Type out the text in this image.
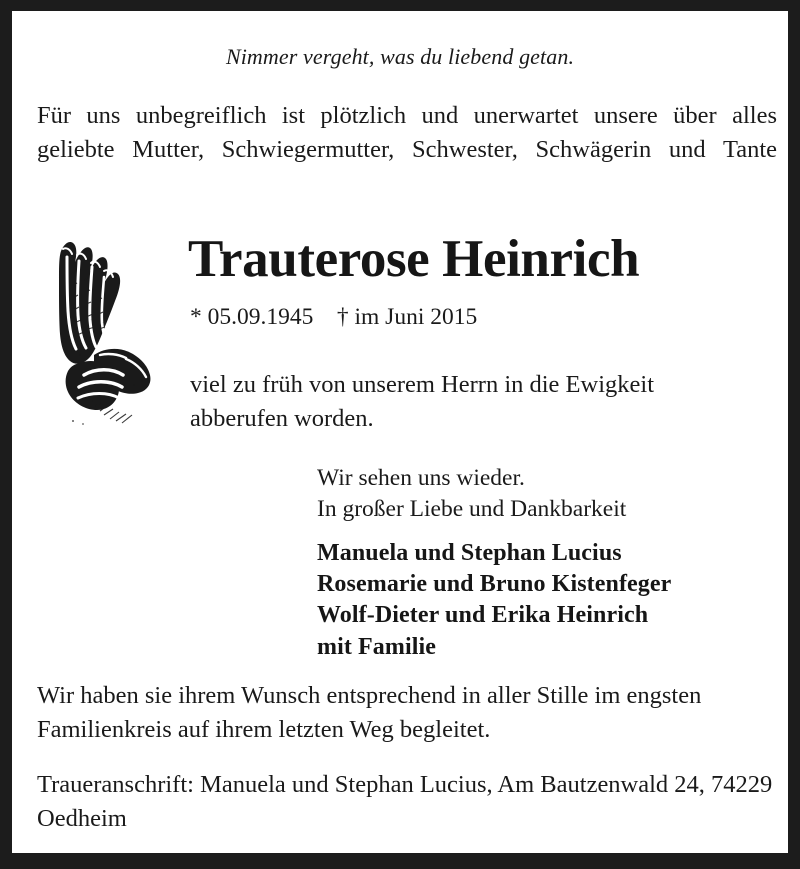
Nimmer vergeht, was du liebend getan.

Für uns unbegreiflich ist plötzlich und unerwartet unsere über alles geliebte Mutter, Schwiegermutter, Schwester, Schwägerin und Tante

Trauterose Heinrich

* 05.09.1945    † im Juni 2015

viel zu früh von unserem Herrn in die Ewigkeit abberufen worden.

Wir sehen uns wieder.

In großer Liebe und Dankbarkeit

Manuela und Stephan Lucius

Rosemarie und Bruno Kistenfeger

Wolf-Dieter und Erika Heinrich

mit Familie

Wir haben sie ihrem Wunsch entsprechend in aller Stille im engsten Familienkreis auf ihrem letzten Weg begleitet.

Traueranschrift: Manuela und Stephan Lucius, Am Bautzenwald 24, 74229 Oedheim
